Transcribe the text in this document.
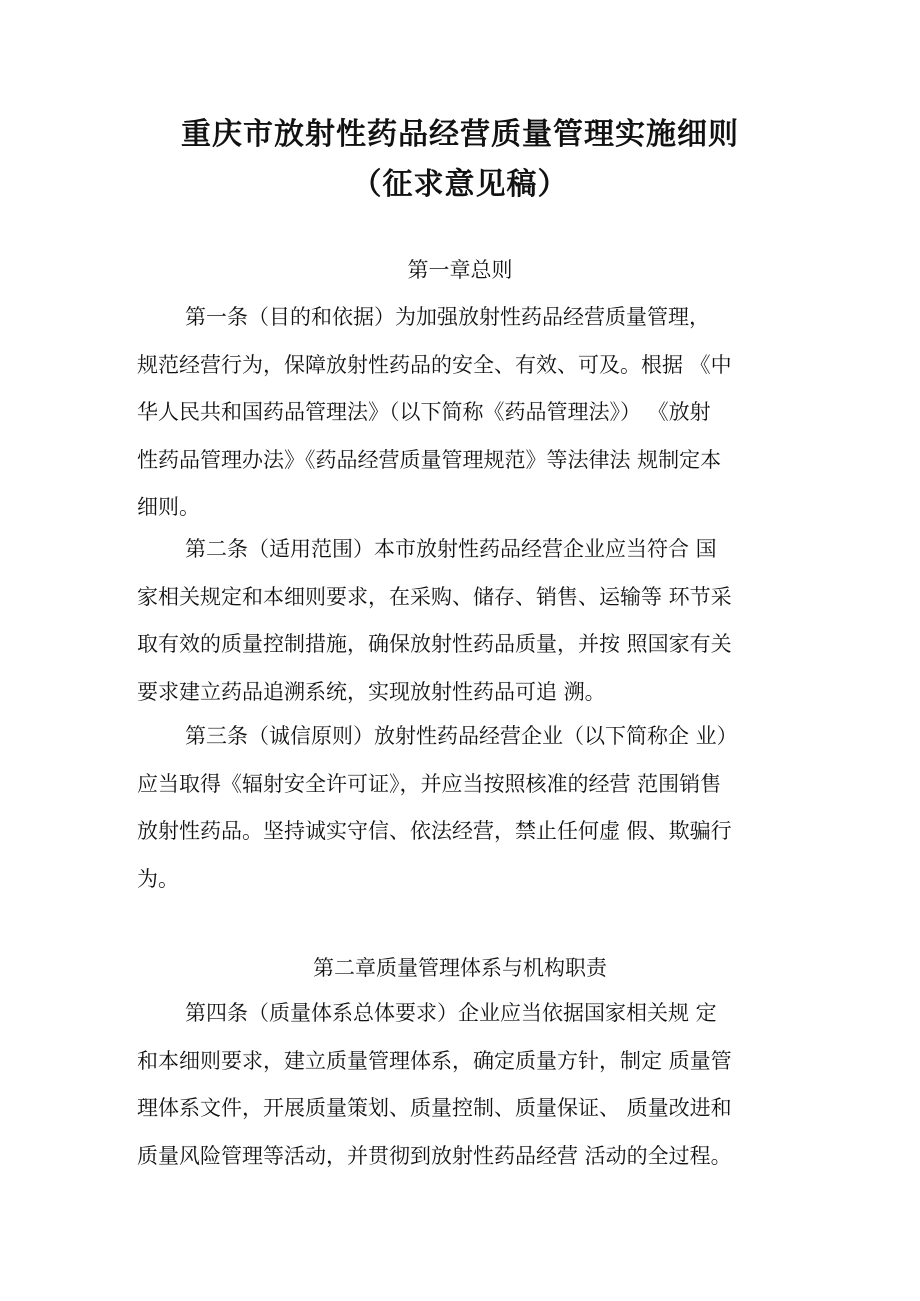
重庆市放射性药品经营质量管理实施细则
（征求意见稿）
第一章总则
第一条（目的和依据）为加强放射性药品经营质量管理，
规范经营行为，保障放射性药品的安全、有效、可及。根据 《中
华人民共和国药品管理法》（以下简称《药品管理法》） 《放射
性药品管理办法》《药品经营质量管理规范》等法律法 规制定本
细则。
第二条（适用范围）本市放射性药品经营企业应当符合 国
家相关规定和本细则要求，在采购、储存、销售、运输等 环节采
取有效的质量控制措施，确保放射性药品质量，并按 照国家有关
要求建立药品追溯系统，实现放射性药品可追 溯。
第三条（诚信原则）放射性药品经营企业（以下简称企 业）
应当取得《辐射安全许可证》，并应当按照核准的经营 范围销售
放射性药品。坚持诚实守信、依法经营，禁止任何虚 假、欺骗行
为。
第二章质量管理体系与机构职责
第四条（质量体系总体要求）企业应当依据国家相关规 定
和本细则要求，建立质量管理体系，确定质量方针，制定 质量管
理体系文件，开展质量策划、质量控制、质量保证、 质量改进和
质量风险管理等活动，并贯彻到放射性药品经营 活动的全过程。
